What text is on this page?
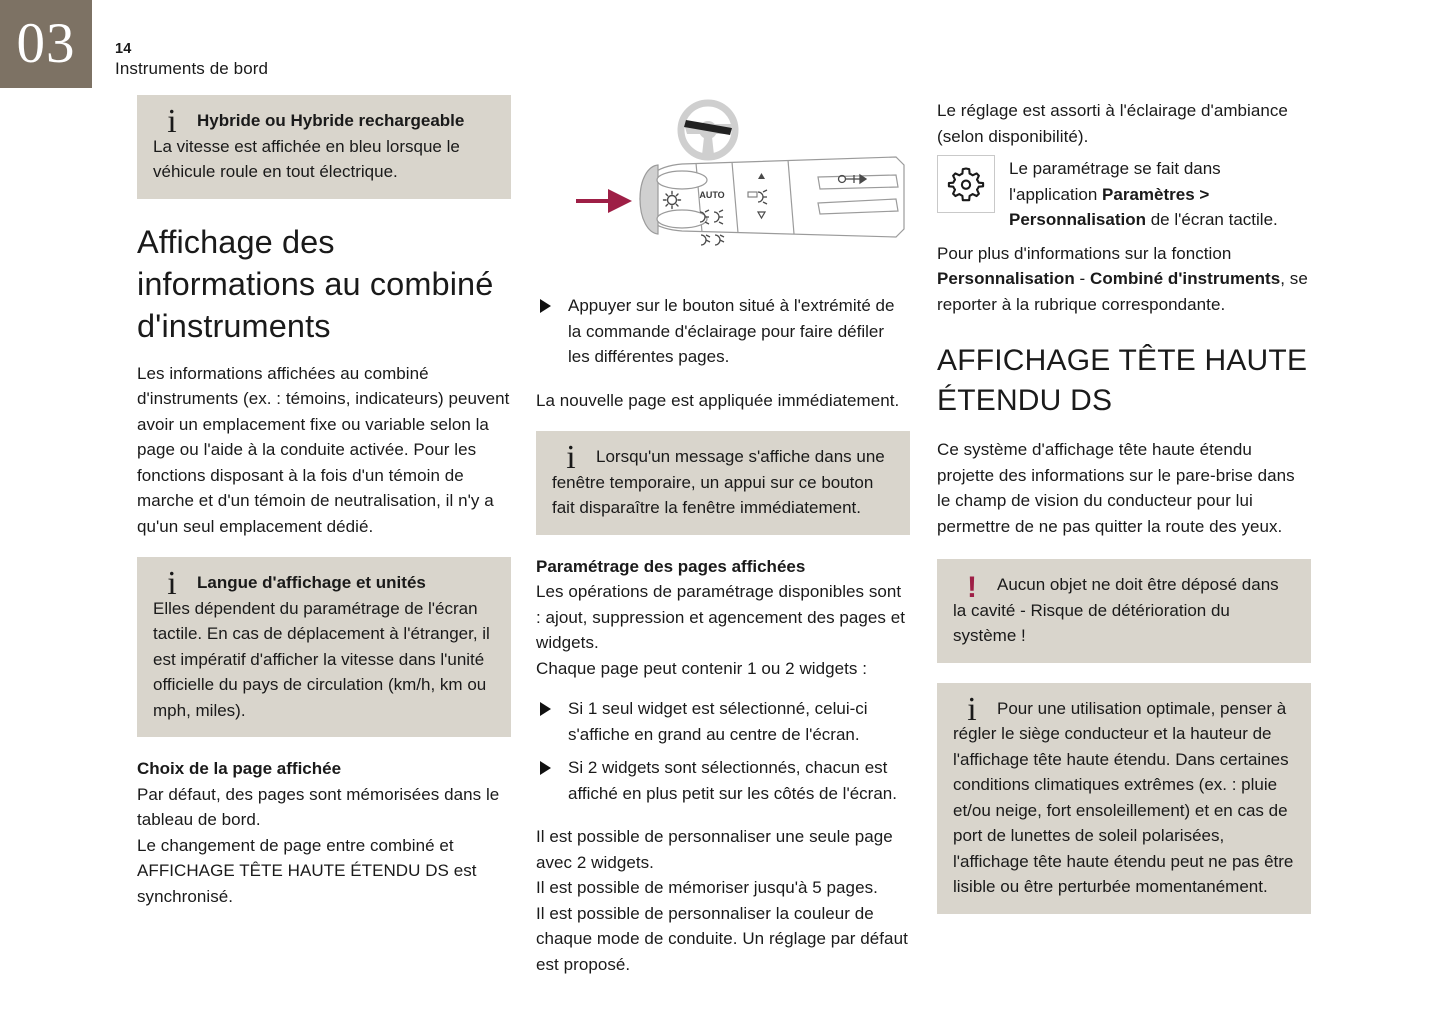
03	14
Instruments de bord
i	Hybride ou Hybride rechargeable
La vitesse est affichée en bleu lorsque le véhicule roule en tout électrique.
Affichage des informations au combiné d'instruments

Les informations affichées au combiné d'instruments (ex. : témoins, indicateurs) peuvent avoir un emplacement fixe ou variable selon la page ou l'aide à la conduite activée. Pour les fonctions disposant à la fois d'un témoin de marche et d'un témoin de neutralisation, il n'y a qu'un seul emplacement dédié.

i	Langue d'affichage et unités
Elles dépendent du paramétrage de l'écran tactile. En cas de déplacement à l'étranger, il est impératif d'afficher la vitesse dans l'unité officielle du pays de circulation (km/h, km ou mph, miles).
Choix de la page affichée

Par défaut, des pages sont mémorisées dans le tableau de bord.

Le changement de page entre combiné et AFFICHAGE TÊTE HAUTE ÉTENDU DS est synchronisé.

AUTO
Appuyer sur le bouton situé à l'extrémité de la commande d'éclairage pour faire défiler les différentes pages.

La nouvelle page est appliquée immédiatement.

i	Lorsqu'un message s'affiche dans une fenêtre temporaire, un appui sur ce bouton fait disparaître la fenêtre immédiatement.
Paramétrage des pages affichées

Les opérations de paramétrage disponibles sont : ajout, suppression et agencement des pages et widgets.

Chaque page peut contenir 1 ou 2 widgets :

Si 1 seul widget est sélectionné, celui-ci s'affiche en grand au centre de l'écran.
Si 2 widgets sont sélectionnés, chacun est affiché en plus petit sur les côtés de l'écran.

Il est possible de personnaliser une seule page avec 2 widgets.

Il est possible de mémoriser jusqu'à 5 pages.

Il est possible de personnaliser la couleur de chaque mode de conduite. Un réglage par défaut est proposé.

Le réglage est assorti à l'éclairage d'ambiance (selon disponibilité).

Le paramétrage se fait dans l'application Paramètres > Personnalisation de l'écran tactile.

Pour plus d'informations sur la fonction Personnalisation - Combiné d'instruments, se reporter à la rubrique correspondante.

AFFICHAGE TÊTE HAUTE ÉTENDU DS

Ce système d'affichage tête haute étendu projette des informations sur le pare-brise dans le champ de vision du conducteur pour lui permettre de ne pas quitter la route des yeux.

!	Aucun objet ne doit être déposé dans la cavité - Risque de détérioration du système !
i	Pour une utilisation optimale, penser à régler le siège conducteur et la hauteur de l'affichage tête haute étendu. Dans certaines conditions climatiques extrêmes (ex. : pluie et/ou neige, fort ensoleillement) et en cas de port de lunettes de soleil polarisées, l'affichage tête haute étendu peut ne pas être lisible ou être perturbée momentanément.
